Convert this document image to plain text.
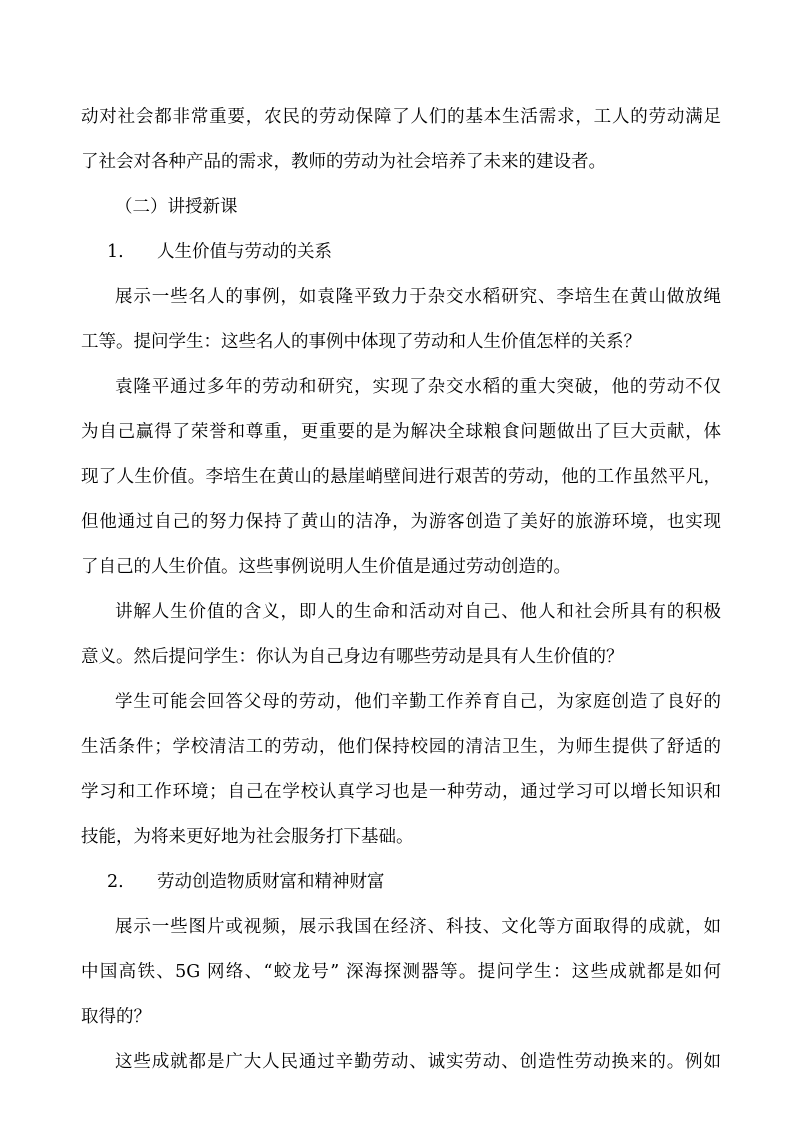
动对社会都非常重要，农民的劳动保障了人们的基本生活需求，工人的劳动满足
了社会对各种产品的需求，教师的劳动为社会培养了未来的建设者。
（二）讲授新课
1. 人生价值与劳动的关系
展示一些名人的事例，如袁隆平致力于杂交水稻研究、李培生在黄山做放绳
工等。提问学生：这些名人的事例中体现了劳动和人生价值怎样的关系？
袁隆平通过多年的劳动和研究，实现了杂交水稻的重大突破，他的劳动不仅
为自己赢得了荣誉和尊重，更重要的是为解决全球粮食问题做出了巨大贡献，体
现了人生价值。李培生在黄山的悬崖峭壁间进行艰苦的劳动，他的工作虽然平凡，
但他通过自己的努力保持了黄山的洁净，为游客创造了美好的旅游环境，也实现
了自己的人生价值。这些事例说明人生价值是通过劳动创造的。
讲解人生价值的含义，即人的生命和活动对自己、他人和社会所具有的积极
意义。然后提问学生：你认为自己身边有哪些劳动是具有人生价值的？
学生可能会回答父母的劳动，他们辛勤工作养育自己，为家庭创造了良好的
生活条件；学校清洁工的劳动，他们保持校园的清洁卫生，为师生提供了舒适的
学习和工作环境；自己在学校认真学习也是一种劳动，通过学习可以增长知识和
技能，为将来更好地为社会服务打下基础。
2. 劳动创造物质财富和精神财富
展示一些图片或视频，展示我国在经济、科技、文化等方面取得的成就，如
中国高铁、5G 网络、“蛟龙号” 深海探测器等。提问学生：这些成就都是如何
取得的？
这些成就都是广大人民通过辛勤劳动、诚实劳动、创造性劳动换来的。例如
